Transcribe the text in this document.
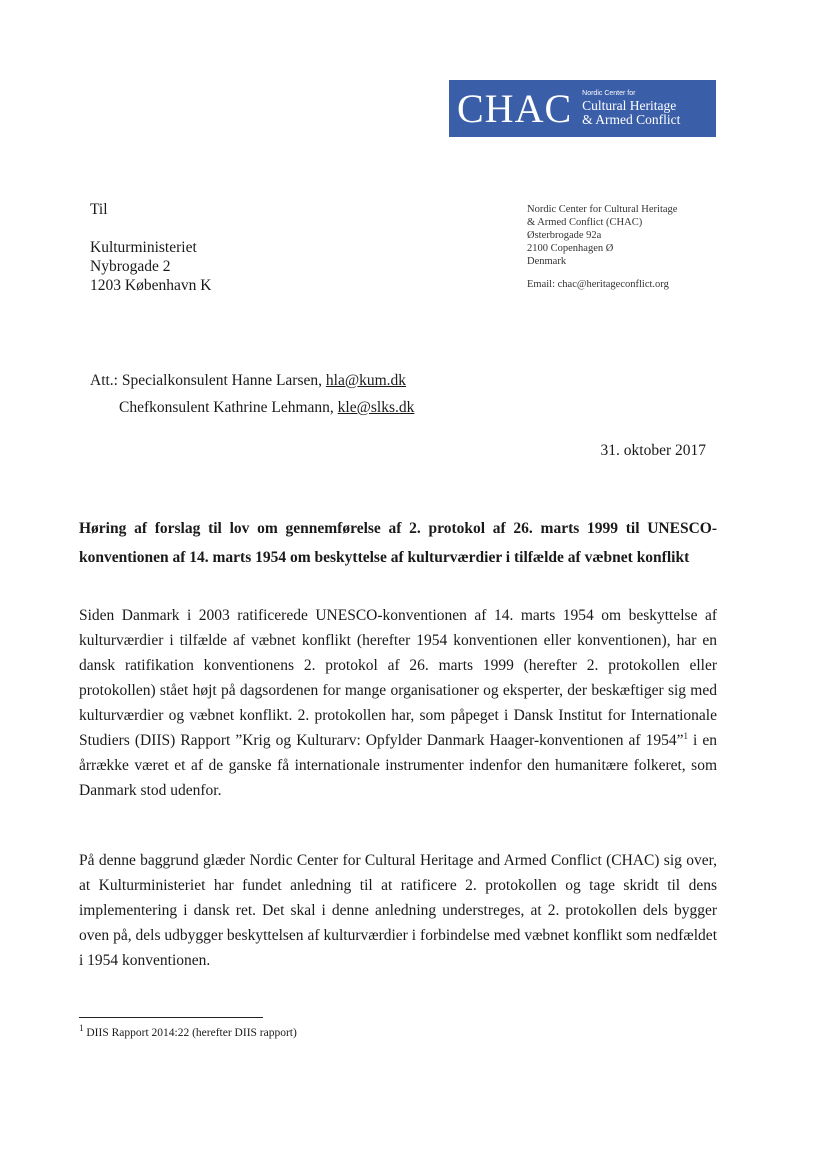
CHAC Nordic Center for
Cultural Heritage
& Armed Conflict
Til
Kulturministeriet
Nybrogade 2
1203 København K
Nordic Center for Cultural Heritage
& Armed Conflict (CHAC)
Østerbrogade 92a
2100 Copenhagen Ø
Denmark
Email: chac@heritageconflict.org
Att.: Specialkonsulent Hanne Larsen, hla@kum.dk
Chefkonsulent Kathrine Lehmann, kle@slks.dk
31. oktober 2017
Høring af forslag til lov om gennemførelse af 2. protokol af 26. marts 1999 til UNESCO-konventionen af 14. marts 1954 om beskyttelse af kulturværdier i tilfælde af væbnet konflikt

Siden Danmark i 2003 ratificerede UNESCO-konventionen af 14. marts 1954 om beskyttelse af kulturværdier i tilfælde af væbnet konflikt (herefter 1954 konventionen eller konventionen), har en dansk ratifikation konventionens 2. protokol af 26. marts 1999 (herefter 2. protokollen eller protokollen) stået højt på dagsordenen for mange organisationer og eksperter, der beskæftiger sig med kulturværdier og væbnet konflikt. 2. protokollen har, som påpeget i Dansk Institut for Internationale Studiers (DIIS) Rapport ”Krig og Kulturarv: Opfylder Danmark Haager-konventionen af 1954”$^1$ i en årrække været et af de ganske få internationale instrumenter indenfor den humanitære folkeret, som Danmark stod udenfor.

På denne baggrund glæder Nordic Center for Cultural Heritage and Armed Conflict (CHAC) sig over, at Kulturministeriet har fundet anledning til at ratificere 2. protokollen og tage skridt til dens implementering i dansk ret. Det skal i denne anledning understreges, at 2. protokollen dels bygger oven på, dels udbygger beskyttelsen af kulturværdier i forbindelse med væbnet konflikt som nedfældet i 1954 konventionen.

$^1$ DIIS Rapport 2014:22 (herefter DIIS rapport)
